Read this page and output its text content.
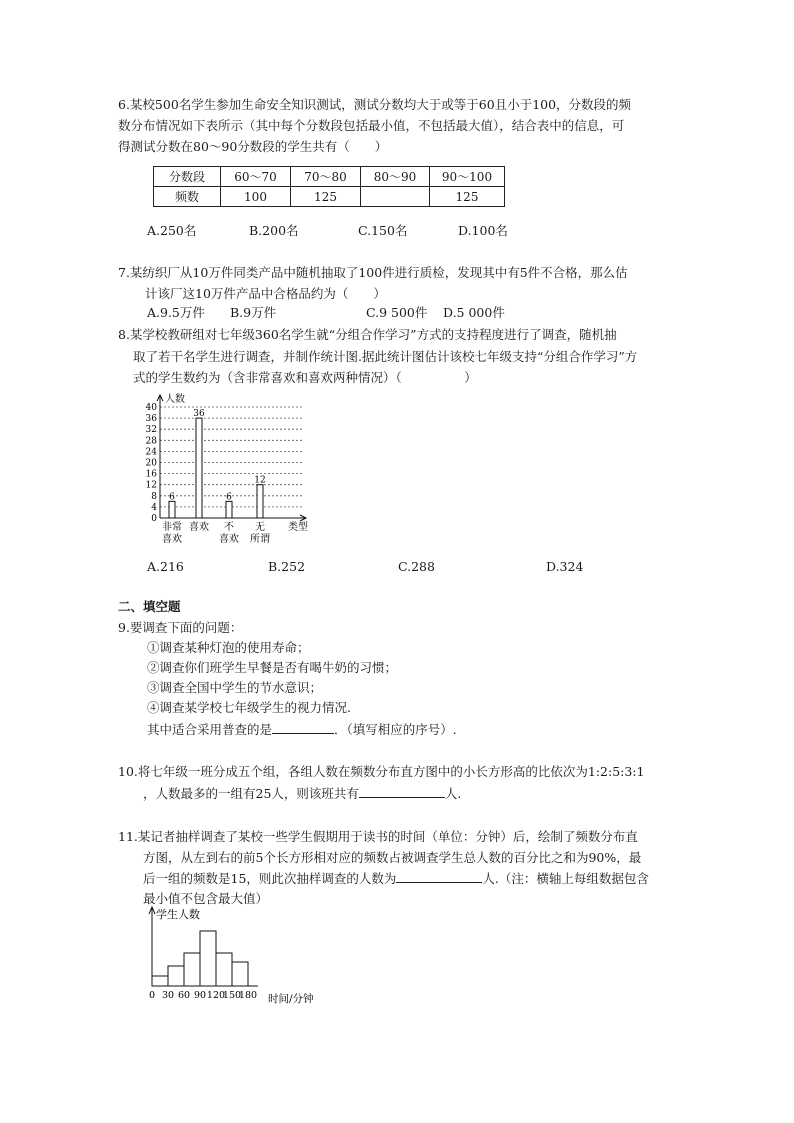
6.某校500名学生参加生命安全知识测试，测试分数均大于或等于60且小于100，分数段的频
数分布情况如下表所示（其中每个分数段包括最小值，不包括最大值），结合表中的信息，可
得测试分数在80～90分数段的学生共有（　　）
分数段	60～70	70～80	80～90	90～100
频数	100	125		125
A.250名	B.200名	C.150名	D.100名
7.某纺织厂从10万件同类产品中随机抽取了100件进行质检，发现其中有5件不合格，那么估
计该厂这10万件产品中合格品约为（　　）
A.9.5万件 B.9万件	C.9 500件 D.5 000件
8.某学校教研组对七年级360名学生就“分组合作学习”方式的支持程度进行了调查，随机抽
取了若干名学生进行调查，并制作统计图.据此统计图估计该校七年级支持“分组合作学习”方
式的学生数约为（含非常喜欢和喜欢两种情况）（　　　　　）
0
4
8
12
16
20
24
28
32
36
40
人数
类型
6
非常
喜欢
36
喜欢
6
不
喜欢
12
无
所谓
A.216	B.252	C.288	D.324
二、填空题
9.要调查下面的问题：
①调查某种灯泡的使用寿命；
②调查你们班学生早餐是否有喝牛奶的习惯；
③调查全国中学生的节水意识；
④调查某学校七年级学生的视力情况.
其中适合采用普查的是	．（填写相应的序号）.
10.将七年级一班分成五个组，各组人数在频数分布直方图中的小长方形高的比依次为1:2:5:3:1
，人数最多的一组有25人，则该班共有	人.
11.某记者抽样调查了某校一些学生假期用于读书的时间（单位：分钟）后，绘制了频数分布直
方图，从左到右的前5个长方形相对应的频数占被调查学生总人数的百分比之和为90%，最
后一组的频数是15，则此次抽样调查的人数为	人.（注：横轴上每组数据包含
最小值不包含最大值）
学生人数
0 30 60 90 120
150
180 时间/分钟
